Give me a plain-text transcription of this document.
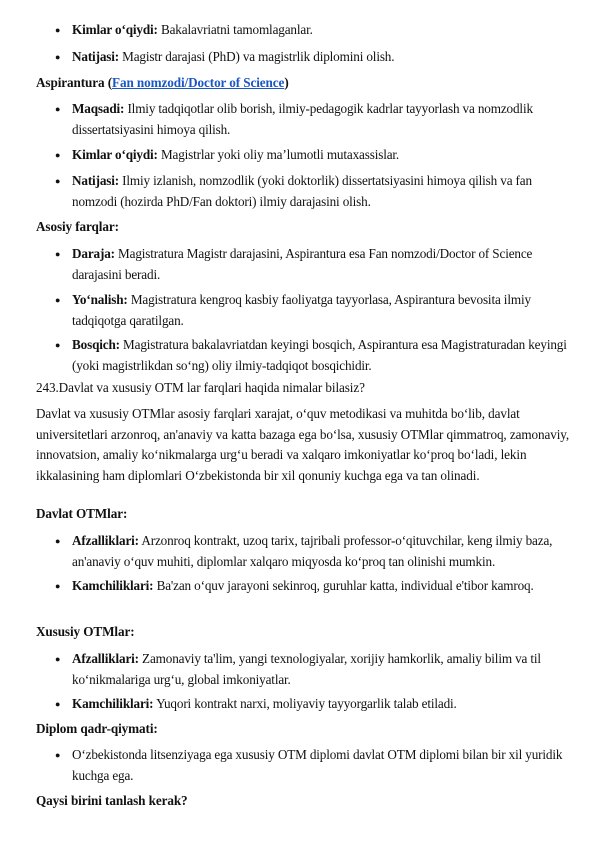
● Kimlar o‘qiydi: Bakalavriatni tamomlaganlar.
● Natijasi: Magistr darajasi (PhD) va magistrlik diplomini olish.
Aspirantura (Fan nomzodi/Doctor of Science)
● Maqsadi: Ilmiy tadqiqotlar olib borish, ilmiy-pedagogik kadrlar tayyorlash va nomzodlik dissertatsiyasini himoya qilish.
● Kimlar o‘qiydi: Magistrlar yoki oliy ma’lumotli mutaxassislar.
● Natijasi: Ilmiy izlanish, nomzodlik (yoki doktorlik) dissertatsiyasini himoya qilish va fan nomzodi (hozirda PhD/Fan doktori) ilmiy darajasini olish.
Asosiy farqlar:
● Daraja: Magistratura Magistr darajasini, Aspirantura esa Fan nomzodi/Doctor of Science darajasini beradi.
● Yo‘nalish: Magistratura kengroq kasbiy faoliyatga tayyorlasa, Aspirantura bevosita ilmiy tadqiqotga qaratilgan.
● Bosqich: Magistratura bakalavriatdan keyingi bosqich, Aspirantura esa Magistraturadan keyingi (yoki magistrlikdan so‘ng) oliy ilmiy-tadqiqot bosqichidir.
243.Davlat va xususiy OTM lar farqlari haqida nimalar bilasiz?
Davlat va xususiy OTMlar asosiy farqlari xarajat, o‘quv metodikasi va muhitda bo‘lib, davlat universitetlari arzonroq, an'anaviy va katta bazaga ega bo‘lsa, xususiy OTMlar qimmatroq, zamonaviy, innovatsion, amaliy ko‘nikmalarga urg‘u beradi va xalqaro imkoniyatlar ko‘proq bo‘ladi, lekin ikkalasining ham diplomlari O‘zbekistonda bir xil qonuniy kuchga ega va tan olinadi.
Davlat OTMlar:
● Afzalliklari: Arzonroq kontrakt, uzoq tarix, tajribali professor-o‘qituvchilar, keng ilmiy baza, an'anaviy o‘quv muhiti, diplomlar xalqaro miqyosda ko‘proq tan olinishi mumkin.
● Kamchiliklari: Ba'zan o‘quv jarayoni sekinroq, guruhlar katta, individual e'tibor kamroq.
Xususiy OTMlar:
● Afzalliklari: Zamonaviy ta'lim, yangi texnologiyalar, xorijiy hamkorlik, amaliy bilim va til ko‘nikmalariga urg‘u, global imkoniyatlar.
● Kamchiliklari: Yuqori kontrakt narxi, moliyaviy tayyorgarlik talab etiladi.
Diplom qadr-qiymati:
● O‘zbekistonda litsenziyaga ega xususiy OTM diplomi davlat OTM diplomi bilan bir xil yuridik kuchga ega.
Qaysi birini tanlash kerak?
